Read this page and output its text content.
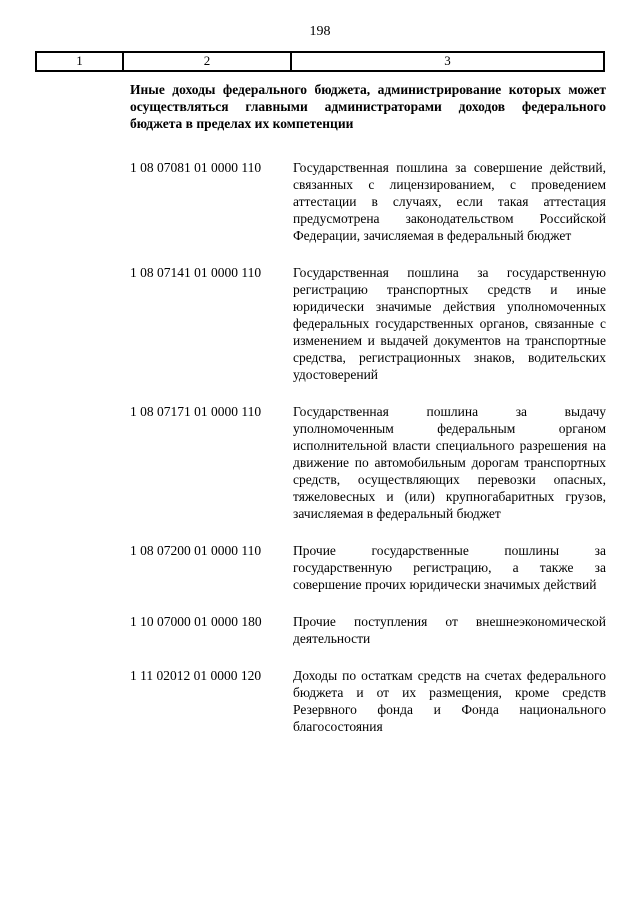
198
1	2	3
Иные доходы федерального бюджета, администрирование которых может осуществляться главными администраторами доходов федерального бюджета в пределах их компетенции
1 08 07081 01 0000 110	Государственная пошлина за совершение действий, связанных с лицензированием, с проведением аттестации в случаях, если такая аттестация предусмотрена законодательством Российской Федерации, зачисляемая в федеральный бюджет
1 08 07141 01 0000 110	Государственная пошлина за государственную регистрацию транспортных средств и иные юридически значимые действия уполномоченных федеральных государственных органов, связанные с изменением и выдачей документов на транспортные средства, регистрационных знаков, водительских удостоверений
1 08 07171 01 0000 110	Государственная пошлина за выдачу уполномоченным федеральным органом исполнительной власти специального разрешения на движение по автомобильным дорогам транспортных средств, осуществляющих перевозки опасных, тяжеловесных и (или) крупногабаритных грузов, зачисляемая в федеральный бюджет
1 08 07200 01 0000 110	Прочие государственные пошлины за государственную регистрацию, а также за совершение прочих юридически значимых действий
1 10 07000 01 0000 180	Прочие поступления от внешнеэкономической деятельности
1 11 02012 01 0000 120	Доходы по остаткам средств на счетах федерального бюджета и от их размещения, кроме средств Резервного фонда и Фонда национального благосостояния
